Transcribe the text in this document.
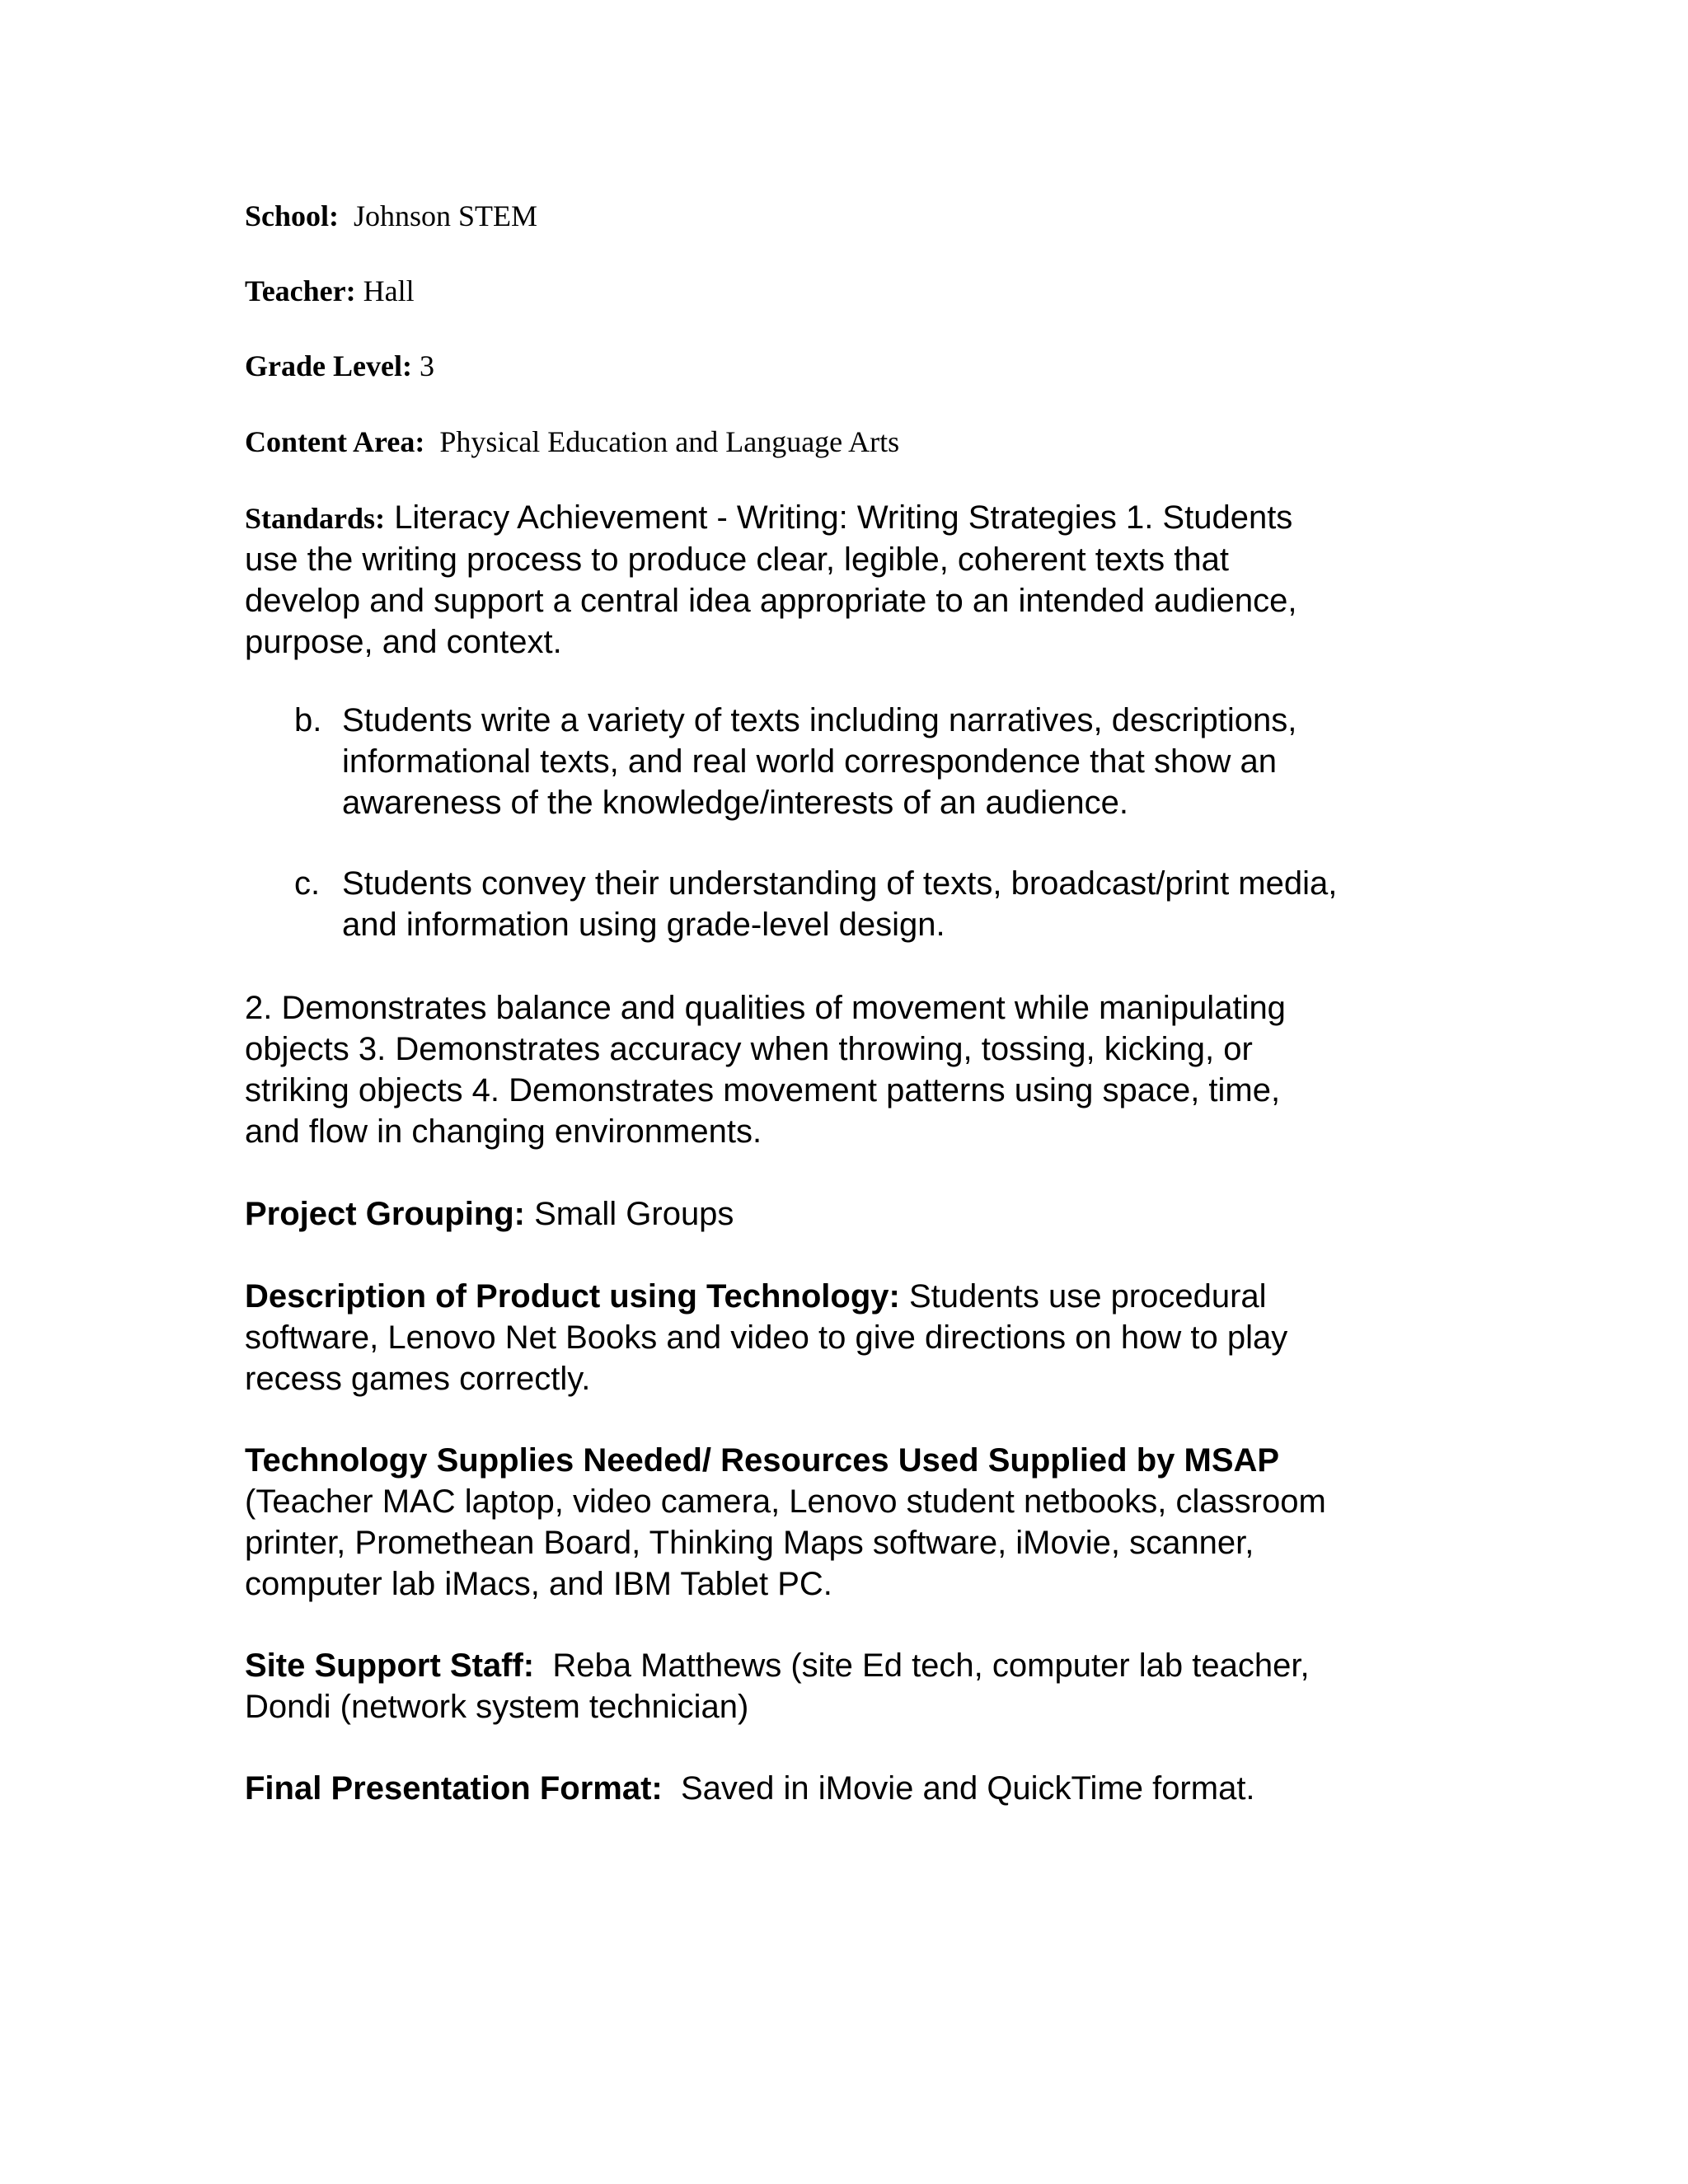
School: Johnson STEM
Teacher: Hall
Grade Level: 3
Content Area: Physical Education and Language Arts

Standards: Literacy Achievement - Writing: Writing Strategies 1. Students

use the writing process to produce clear, legible, coherent texts that

develop and support a central idea appropriate to an intended audience,

purpose, and context.

b. Students write a variety of texts including narratives, descriptions,

informational texts, and real world correspondence that show an

awareness of the knowledge/interests of an audience.

c. Students convey their understanding of texts, broadcast/print media,

and information using grade-level design.

2. Demonstrates balance and qualities of movement while manipulating

objects 3. Demonstrates accuracy when throwing, tossing, kicking, or

striking objects 4. Demonstrates movement patterns using space, time,

and flow in changing environments.

Project Grouping: Small Groups

Description of Product using Technology: Students use procedural

software, Lenovo Net Books and video to give directions on how to play

recess games correctly.

Technology Supplies Needed/ Resources Used Supplied by MSAP

(Teacher MAC laptop, video camera, Lenovo student netbooks, classroom

printer, Promethean Board, Thinking Maps software, iMovie, scanner,

computer lab iMacs, and IBM Tablet PC.

Site Support Staff: Reba Matthews (site Ed tech, computer lab teacher,

Dondi (network system technician)

Final Presentation Format: Saved in iMovie and QuickTime format.
